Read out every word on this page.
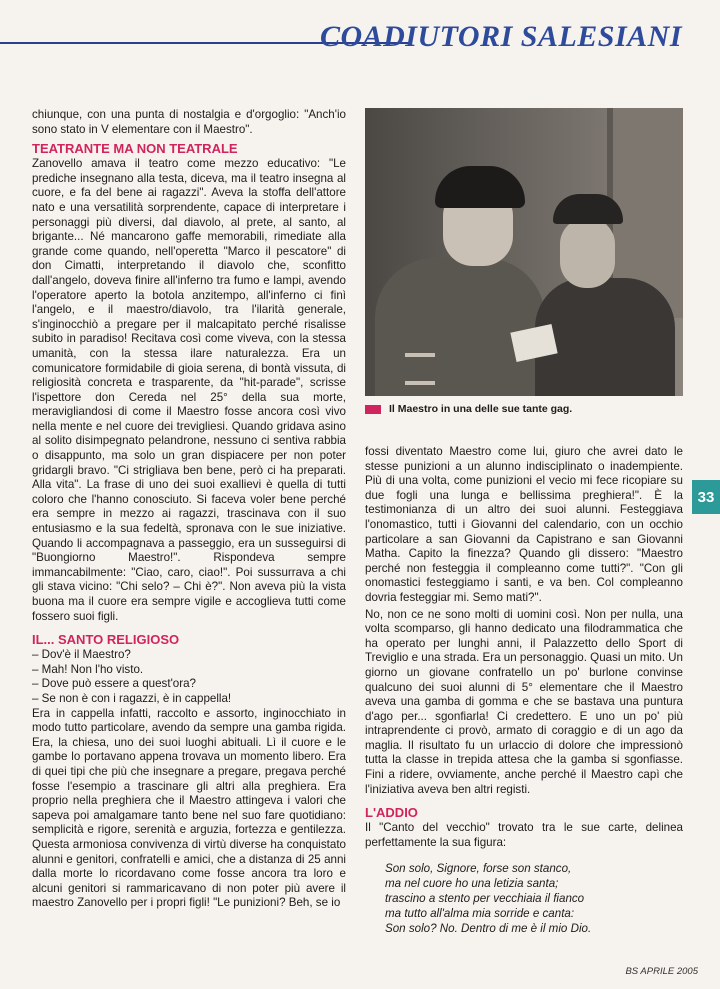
COADIUTORI SALESIANI

chiunque, con una punta di nostalgia e d'orgoglio: "Anch'io sono stato in V elementare con il Maestro".

TEATRANTE MA NON TEATRALE

Zanovello amava il teatro come mezzo educativo: "Le prediche insegnano alla testa, diceva, ma il teatro insegna al cuore, e fa del bene ai ragazzi". Aveva la stoffa dell'attore nato e una versatilità sorprendente, capace di interpretare i personaggi più diversi, dal diavolo, al prete, al santo, al brigante... Né mancarono gaffe memorabili, rimediate alla grande come quando, nell'operetta "Marco il pescatore" di don Cimatti, interpretando il diavolo che, sconfitto dall'angelo, doveva finire all'inferno tra fumo e lampi, avendo l'operatore aperto la botola anzitempo, all'inferno ci finì l'angelo, e il maestro/diavolo, tra l'ilarità generale, s'inginocchiò a pregare per il malcapitato perché risalisse subito in paradiso! Recitava così come viveva, con la stessa umanità, con la stessa ilare naturalezza. Era un comunicatore formidabile di gioia serena, di bontà vissuta, di religiosità concreta e trasparente, da "hit-parade", scrisse l'ispettore don Cereda nel 25° della sua morte, meravigliandosi di come il Maestro fosse ancora così vivo nella mente e nel cuore dei trevigliesi. Quando gridava asino al solito disimpegnato pelandrone, nessuno ci sentiva rabbia o disappunto, ma solo un gran dispiacere per non poter gridargli bravo. "Ci strigliava ben bene, però ci ha preparati. Alla vita". La frase di uno dei suoi exallievi è quella di tutti coloro che l'hanno conosciuto. Si faceva voler bene perché era sempre in mezzo ai ragazzi, trascinava con il suo entusiasmo e la sua fedeltà, spronava con le sue iniziative. Quando li accompagnava a passeggio, era un susseguirsi di "Buongiorno Maestro!". Rispondeva sempre immancabilmente: "Ciao, caro, ciao!". Poi sussurrava a chi gli stava vicino: "Chi selo? – Chi è?". Non aveva più la vista buona ma il cuore era sempre vigile e accoglieva tutti come fossero suoi figli.

IL... SANTO RELIGIOSO

– Dov'è il Maestro?

– Mah! Non l'ho visto.

– Dove può essere a quest'ora?

– Se non è con i ragazzi, è in cappella!

Era in cappella infatti, raccolto e assorto, inginocchiato in modo tutto particolare, avendo da sempre una gamba rigida. Era, la chiesa, uno dei suoi luoghi abituali. Lì il cuore e le gambe lo portavano appena trovava un momento libero. Era di quei tipi che più che insegnare a pregare, pregava perché fosse l'esempio a trascinare gli altri alla preghiera. Era proprio nella preghiera che il Maestro attingeva i valori che sapeva poi amalgamare tanto bene nel suo fare quotidiano: semplicità e rigore, serenità e arguzia, fortezza e gentilezza. Questa armoniosa convivenza di virtù diverse ha conquistato alunni e genitori, confratelli e amici, che a distanza di 25 anni dalla morte lo ricordavano come fosse ancora tra loro e alcuni genitori si rammaricavano di non poter più avere il maestro Zanovello per i propri figli! "Le punizioni? Beh, se io

Il Maestro in una delle sue tante gag.
33

fossi diventato Maestro come lui, giuro che avrei dato le stesse punizioni a un alunno indisciplinato o inadempiente. Più di una volta, come punizioni el vecio mi fece ricopiare su due fogli una lunga e bellissima preghiera!". È la testimonianza di un altro dei suoi alunni. Festeggiava l'onomastico, tutti i Giovanni del calendario, con un occhio particolare a san Giovanni da Capistrano e san Giovanni Matha. Capito la finezza? Quando gli dissero: "Maestro perché non festeggia il compleanno come tutti?". "Con gli onomastici festeggiamo i santi, e va ben. Col compleanno dovria festeggiar mi. Semo mati?".

No, non ce ne sono molti di uomini così. Non per nulla, una volta scomparso, gli hanno dedicato una filodrammatica che ha operato per lunghi anni, il Palazzetto dello Sport di Treviglio e una strada. Era un personaggio. Quasi un mito. Un giorno un giovane confratello un po' burlone convinse qualcuno dei suoi alunni di 5° elementare che il Maestro aveva una gamba di gomma e che se bastava una puntura d'ago per... sgonfiarla! Ci credettero. E uno un po' più intraprendente ci provò, armato di coraggio e di un ago da maglia. Il risultato fu un urlaccio di dolore che impressionò tutta la classe in trepida attesa che la gamba si sgonfiasse. Fini a ridere, ovviamente, anche perché il Maestro capì che l'iniziativa aveva ben altri registi.

L'ADDIO

Il "Canto del vecchio" trovato tra le sue carte, delinea perfettamente la sua figura:

Son solo, Signore, forse son stanco,
ma nel cuore ho una letizia santa;
trascino a stento per vecchiaia il fianco
ma tutto all'alma mia sorride e canta:
Son solo? No. Dentro di me è il mio Dio.
BS APRILE 2005
